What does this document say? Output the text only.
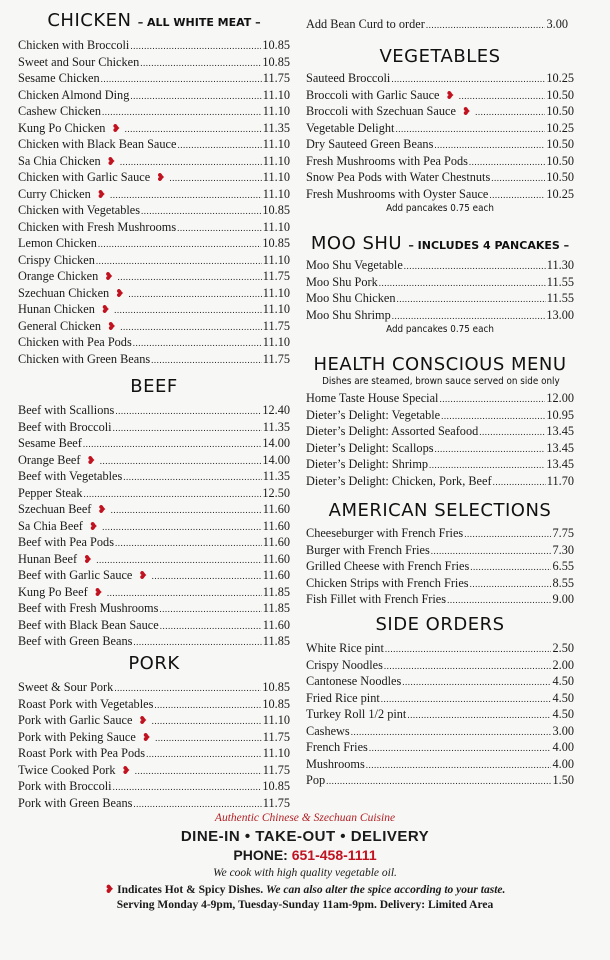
CHICKEN – ALL WHITE MEAT –
Chicken with Broccoli .....	10.85
Sweet and Sour Chicken .....	10.85
Sesame Chicken .....	11.75
Chicken Almond Ding .....	11.10
Cashew Chicken .....	11.10
Kung Po Chicken ❥ .....	11.35
Chicken with Black Bean Sauce .....	11.10
Sa Chia Chicken ❥ .....	11.10
Chicken with Garlic Sauce ❥ .....	11.10
Curry Chicken ❥ .....	11.10
Chicken with Vegetables .....	10.85
Chicken with Fresh Mushrooms .....	11.10
Lemon Chicken .....	10.85
Crispy Chicken .....	11.10
Orange Chicken ❥ .....	11.75
Szechuan Chicken ❥ .....	11.10
Hunan Chicken ❥ .....	11.10
General Chicken ❥ .....	11.75
Chicken with Pea Pods .....	11.10
Chicken with Green Beans .....	11.75
BEEF
Beef with Scallions .....	12.40
Beef with Broccoli .....	11.35
Sesame Beef .....	14.00
Orange Beef ❥ .....	14.00
Beef with Vegetables .....	11.35
Pepper Steak .....	12.50
Szechuan Beef ❥ .....	11.60
Sa Chia Beef ❥ .....	11.60
Beef with Pea Pods .....	11.60
Hunan Beef ❥ .....	11.60
Beef with Garlic Sauce ❥ .....	11.60
Kung Po Beef ❥ .....	11.85
Beef with Fresh Mushrooms .....	11.85
Beef with Black Bean Sauce .....	11.60
Beef with Green Beans .....	11.85
PORK
Sweet & Sour Pork .....	10.85
Roast Pork with Vegetables .....	10.85
Pork with Garlic Sauce ❥ .....	11.10
Pork with Peking Sauce ❥ .....	11.75
Roast Pork with Pea Pods .....	11.10
Twice Cooked Pork ❥ .....	11.75
Pork with Broccoli .....	10.85
Pork with Green Beans .....	11.75
Add Bean Curd to order .....	3.00
VEGETABLES
Sauteed Broccoli .....	10.25
Broccoli with Garlic Sauce ❥ .....	10.50
Broccoli with Szechuan Sauce ❥ .....	10.50
Vegetable Delight .....	10.25
Dry Sauteed Green Beans .....	10.50
Fresh Mushrooms with Pea Pods .....	10.50
Snow Pea Pods with Water Chestnuts .....	10.50
Fresh Mushrooms with Oyster Sauce .....	10.25
Add pancakes 0.75 each
MOO SHU – INCLUDES 4 PANCAKES –
Moo Shu Vegetable .....	11.30
Moo Shu Pork .....	11.55
Moo Shu Chicken .....	11.55
Moo Shu Shrimp .....	13.00
Add pancakes 0.75 each
HEALTH CONSCIOUS MENU
Dishes are steamed, brown sauce served on side only
Home Taste House Special .....	12.00
Dieter’s Delight: Vegetable .....	10.95
Dieter’s Delight: Assorted Seafood .....	13.45
Dieter’s Delight: Scallops .....	13.45
Dieter’s Delight: Shrimp .....	13.45
Dieter’s Delight: Chicken, Pork, Beef .....	11.70
AMERICAN SELECTIONS
Cheeseburger with French Fries .....	7.75
Burger with French Fries .....	7.30
Grilled Cheese with French Fries .....	6.55
Chicken Strips with French Fries .....	8.55
Fish Fillet with French Fries .....	9.00
SIDE ORDERS
White Rice pint .....	2.50
Crispy Noodles .....	2.00
Cantonese Noodles .....	4.50
Fried Rice pint .....	4.50
Turkey Roll 1/2 pint .....	4.50
Cashews .....	3.00
French Fries .....	4.00
Mushrooms .....	4.00
Pop .....	1.50
Authentic Chinese & Szechuan Cuisine
DINE-IN • TAKE-OUT • DELIVERY
PHONE: 651-458-1111
We cook with high quality vegetable oil.
❥ Indicates Hot & Spicy Dishes. We can also alter the spice according to your taste.
Serving Monday 4-9pm, Tuesday-Sunday 11am-9pm. Delivery: Limited Area
